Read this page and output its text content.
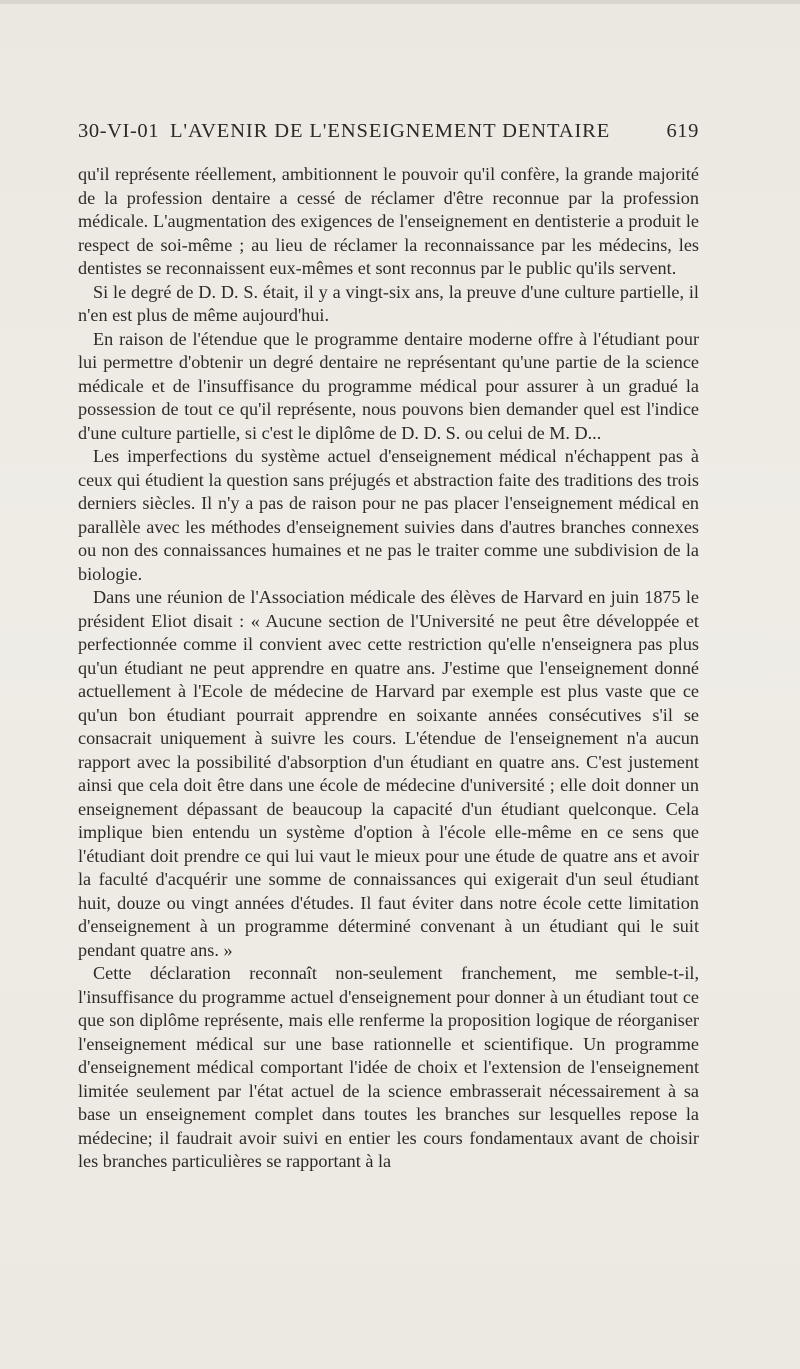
30-VI-01 L'AVENIR DE L'ENSEIGNEMENT DENTAIRE	619

qu'il représente réellement, ambitionnent le pouvoir qu'il confère, la grande majorité de la profession dentaire a cessé de réclamer d'être reconnue par la profession médicale. L'augmentation des exigences de l'enseignement en dentisterie a produit le respect de soi-même ; au lieu de réclamer la reconnaissance par les médecins, les dentistes se reconnaissent eux-mêmes et sont reconnus par le public qu'ils servent.

Si le degré de D. D. S. était, il y a vingt-six ans, la preuve d'une culture partielle, il n'en est plus de même aujourd'hui.

En raison de l'étendue que le programme dentaire moderne offre à l'étudiant pour lui permettre d'obtenir un degré dentaire ne représentant qu'une partie de la science médicale et de l'insuffisance du programme médical pour assurer à un gradué la possession de tout ce qu'il représente, nous pouvons bien demander quel est l'indice d'une culture partielle, si c'est le diplôme de D. D. S. ou celui de M. D...

Les imperfections du système actuel d'enseignement médical n'échappent pas à ceux qui étudient la question sans préjugés et abstraction faite des traditions des trois derniers siècles. Il n'y a pas de raison pour ne pas placer l'enseignement médical en parallèle avec les méthodes d'enseignement suivies dans d'autres branches connexes ou non des connaissances humaines et ne pas le traiter comme une subdivision de la biologie.

Dans une réunion de l'Association médicale des élèves de Harvard en juin 1875 le président Eliot disait : « Aucune section de l'Université ne peut être développée et perfectionnée comme il convient avec cette restriction qu'elle n'enseignera pas plus qu'un étudiant ne peut apprendre en quatre ans. J'estime que l'enseignement donné actuellement à l'Ecole de médecine de Harvard par exemple est plus vaste que ce qu'un bon étudiant pourrait apprendre en soixante années consécutives s'il se consacrait uniquement à suivre les cours. L'étendue de l'enseignement n'a aucun rapport avec la possibilité d'absorption d'un étudiant en quatre ans. C'est justement ainsi que cela doit être dans une école de médecine d'université ; elle doit donner un enseignement dépassant de beaucoup la capacité d'un étudiant quelconque. Cela implique bien entendu un système d'option à l'école elle-même en ce sens que l'étudiant doit prendre ce qui lui vaut le mieux pour une étude de quatre ans et avoir la faculté d'acquérir une somme de connaissances qui exigerait d'un seul étudiant huit, douze ou vingt années d'études. Il faut éviter dans notre école cette limitation d'enseignement à un programme déterminé convenant à un étudiant qui le suit pendant quatre ans. »

Cette déclaration reconnaît non-seulement franchement, me semble-t-il, l'insuffisance du programme actuel d'enseignement pour donner à un étudiant tout ce que son diplôme représente, mais elle renferme la proposition logique de réorganiser l'enseignement médical sur une base rationnelle et scientifique. Un programme d'enseignement médical comportant l'idée de choix et l'extension de l'enseignement limitée seulement par l'état actuel de la science embrasserait nécessairement à sa base un enseignement complet dans toutes les branches sur lesquelles repose la médecine; il faudrait avoir suivi en entier les cours fondamentaux avant de choisir les branches particulières se rapportant à la
